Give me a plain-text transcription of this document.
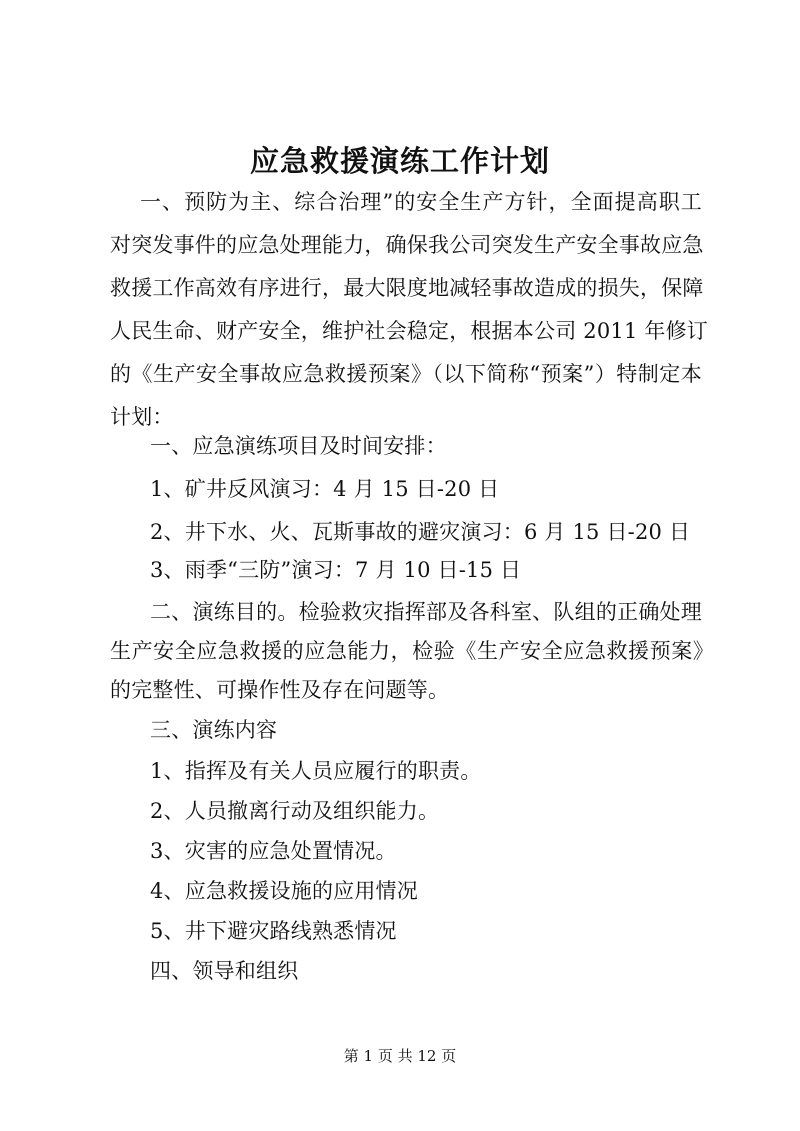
应急救援演练工作计划
一、预防为主、综合治理”的安全生产方针，全面提高职工
对突发事件的应急处理能力，确保我公司突发生产安全事故应急
救援工作高效有序进行，最大限度地减轻事故造成的损失，保障
人民生命、财产安全，维护社会稳定，根据本公司 2011 年修订
的《生产安全事故应急救援预案》（以下简称“预案”）特制定本
计划：
一、应急演练项目及时间安排：
1、矿井反风演习：4 月 15 日-20 日
2、井下水、火、瓦斯事故的避灾演习：6 月 15 日-20 日
3、雨季“三防”演习：7 月 10 日-15 日
二、演练目的。检验救灾指挥部及各科室、队组的正确处理
生产安全应急救援的应急能力，检验《生产安全应急救援预案》
的完整性、可操作性及存在问题等。
三、演练内容
1、指挥及有关人员应履行的职责。
2、人员撤离行动及组织能力。
3、灾害的应急处置情况。
4、应急救援设施的应用情况
5、井下避灾路线熟悉情况
四、领导和组织
第 1 页 共 12 页
